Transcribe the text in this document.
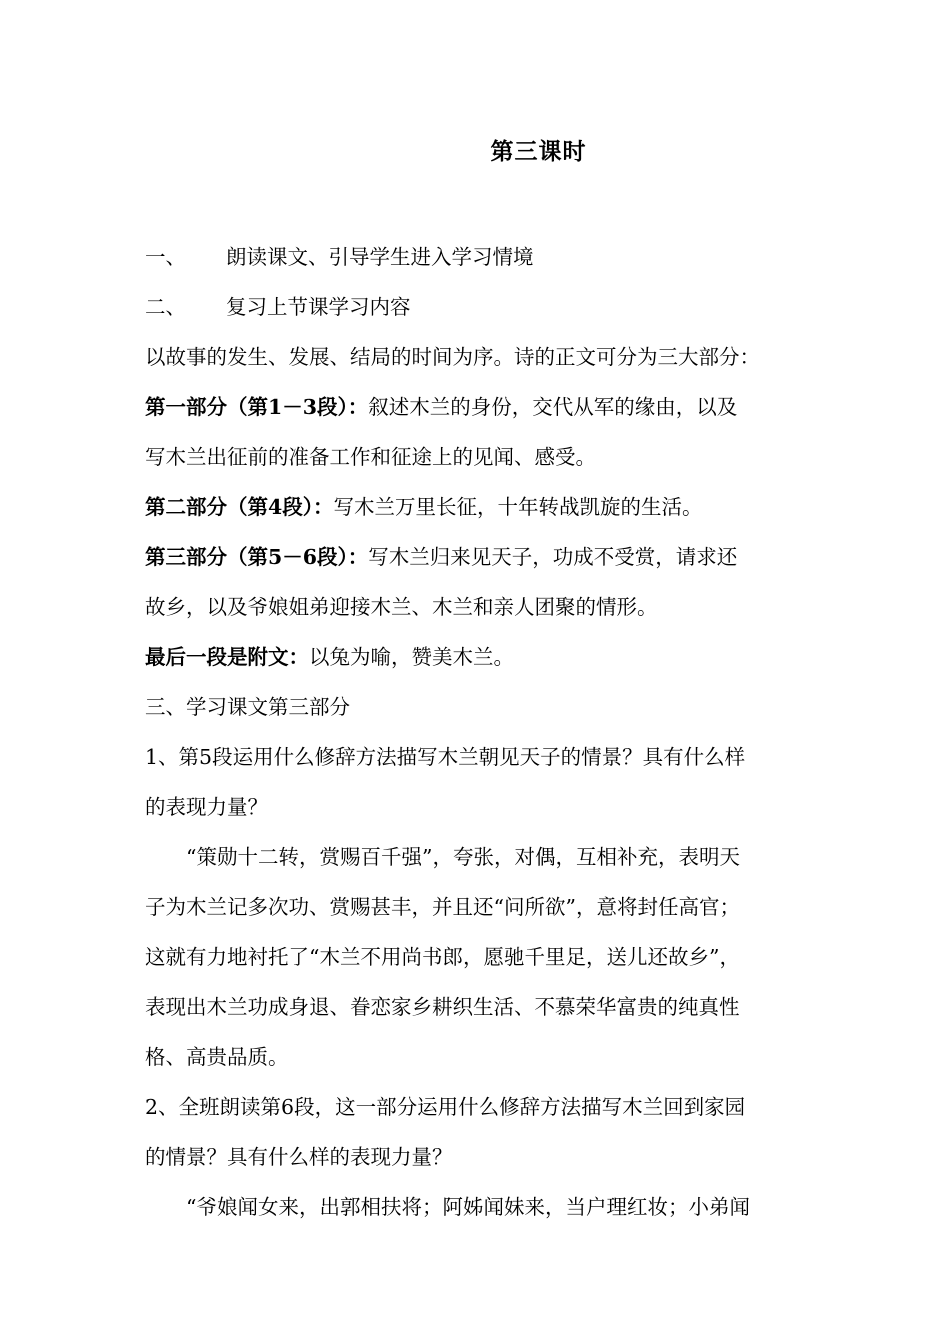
第三课时
一、 朗读课文、引导学生进入学习情境
二、 复习上节课学习内容
以故事的发生、发展、结局的时间为序。诗的正文可分为三大部分：
第一部分（第1－3段）：叙述木兰的身份，交代从军的缘由，以及
写木兰出征前的准备工作和征途上的见闻、感受。
第二部分（第4段）：写木兰万里长征，十年转战凯旋的生活。
第三部分（第5－6段）：写木兰归来见天子，功成不受赏，请求还
故乡，以及爷娘姐弟迎接木兰、木兰和亲人团聚的情形。
最后一段是附文：以兔为喻，赞美木兰。
三、学习课文第三部分
1、第5段运用什么修辞方法描写木兰朝见天子的情景？具有什么样
的表现力量？
“策勋十二转，赏赐百千强”，夸张，对偶，互相补充，表明天
子为木兰记多次功、赏赐甚丰，并且还“问所欲”，意将封任高官；
这就有力地衬托了“木兰不用尚书郎，愿驰千里足，送儿还故乡”，
表现出木兰功成身退、眷恋家乡耕织生活、不慕荣华富贵的纯真性
格、高贵品质。
2、全班朗读第6段，这一部分运用什么修辞方法描写木兰回到家园
的情景？具有什么样的表现力量？
“爷娘闻女来，出郭相扶将；阿姊闻妹来，当户理红妆；小弟闻
